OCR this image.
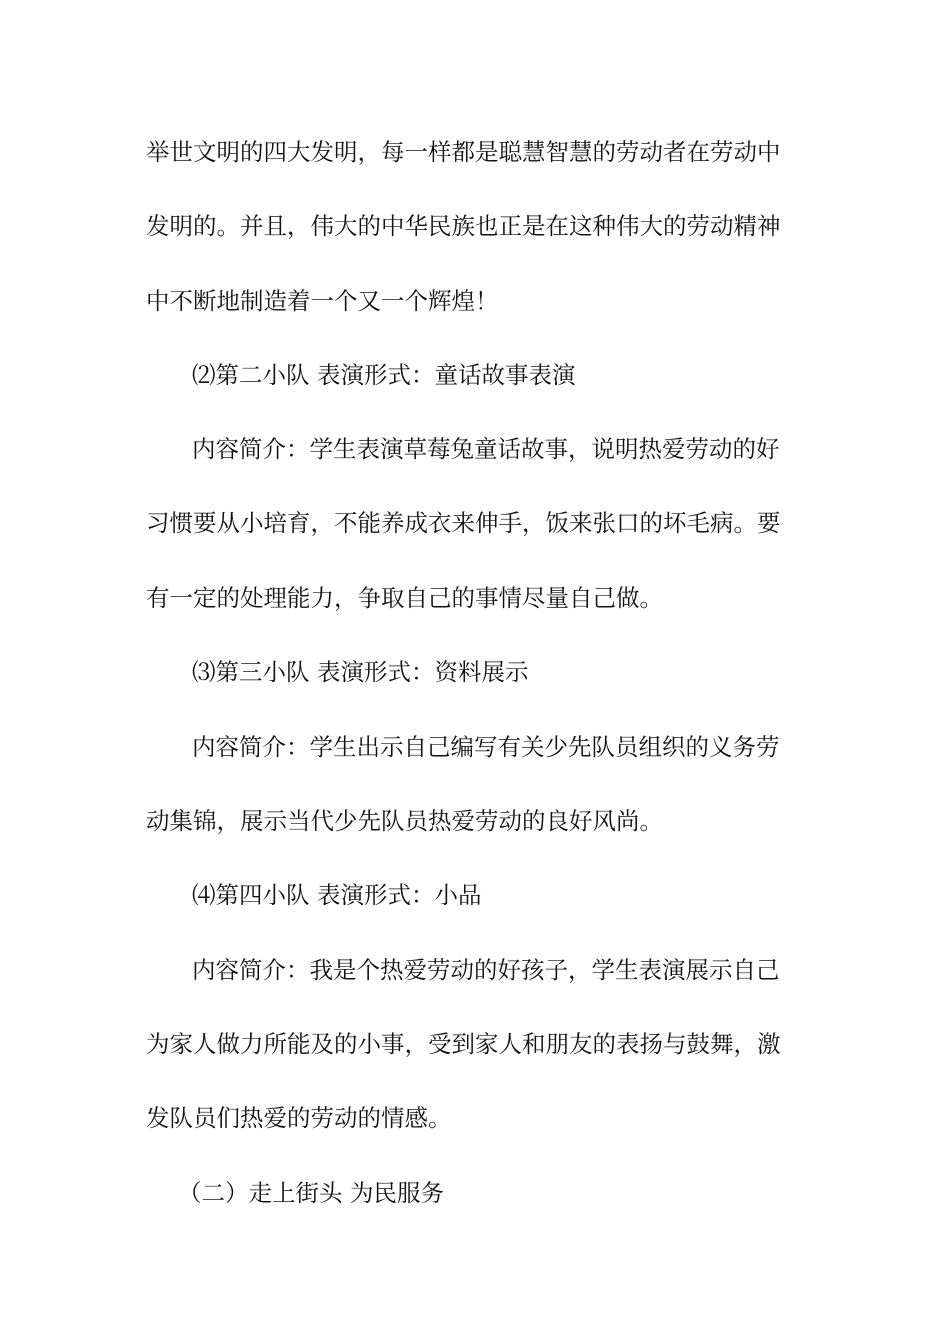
举世文明的四大发明，每一样都是聪慧智慧的劳动者在劳动中
发明的。并且，伟大的中华民族也正是在这种伟大的劳动精神
中不断地制造着一个又一个辉煌！
⑵第二小队 表演形式：童话故事表演
内容简介：学生表演草莓兔童话故事，说明热爱劳动的好
习惯要从小培育，不能养成衣来伸手，饭来张口的坏毛病。要
有一定的处理能力，争取自己的事情尽量自己做。
⑶第三小队 表演形式：资料展示
内容简介：学生出示自己编写有关少先队员组织的义务劳
动集锦，展示当代少先队员热爱劳动的良好风尚。
⑷第四小队 表演形式：小品
内容简介：我是个热爱劳动的好孩子，学生表演展示自己
为家人做力所能及的小事，受到家人和朋友的表扬与鼓舞，激
发队员们热爱的劳动的情感。
（二）走上街头 为民服务
